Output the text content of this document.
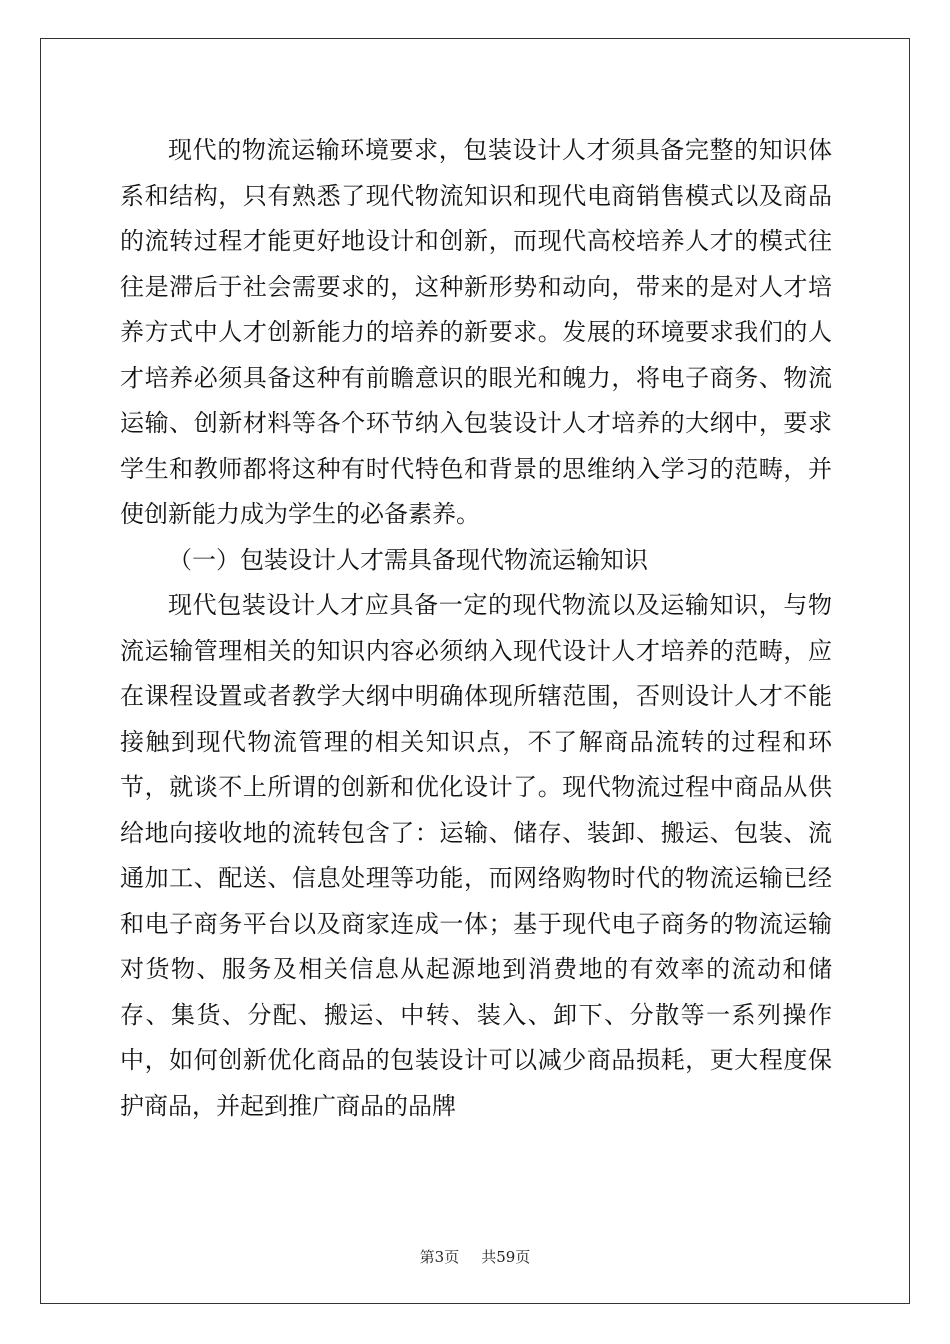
现代的物流运输环境要求，包装设计人才须具备完整的知识体系和结构，只有熟悉了现代物流知识和现代电商销售模式以及商品的流转过程才能更好地设计和创新，而现代高校培养人才的模式往往是滞后于社会需要求的，这种新形势和动向，带来的是对人才培养方式中人才创新能力的培养的新要求。发展的环境要求我们的人才培养必须具备这种有前瞻意识的眼光和魄力，将电子商务、物流运输、创新材料等各个环节纳入包装设计人才培养的大纲中，要求学生和教师都将这种有时代特色和背景的思维纳入学习的范畴，并使创新能力成为学生的必备素养。

（一）包装设计人才需具备现代物流运输知识

现代包装设计人才应具备一定的现代物流以及运输知识，与物流运输管理相关的知识内容必须纳入现代设计人才培养的范畴，应在课程设置或者教学大纲中明确体现所辖范围，否则设计人才不能接触到现代物流管理的相关知识点，不了解商品流转的过程和环节，就谈不上所谓的创新和优化设计了。现代物流过程中商品从供给地向接收地的流转包含了：运输、储存、装卸、搬运、包装、流通加工、配送、信息处理等功能，而网络购物时代的物流运输已经和电子商务平台以及商家连成一体；基于现代电子商务的物流运输对货物、服务及相关信息从起源地到消费地的有效率的流动和储存、集货、分配、搬运、中转、装入、卸下、分散等一系列操作中，如何创新优化商品的包装设计可以减少商品损耗，更大程度保护商品，并起到推广商品的品牌

第3页 共59页
